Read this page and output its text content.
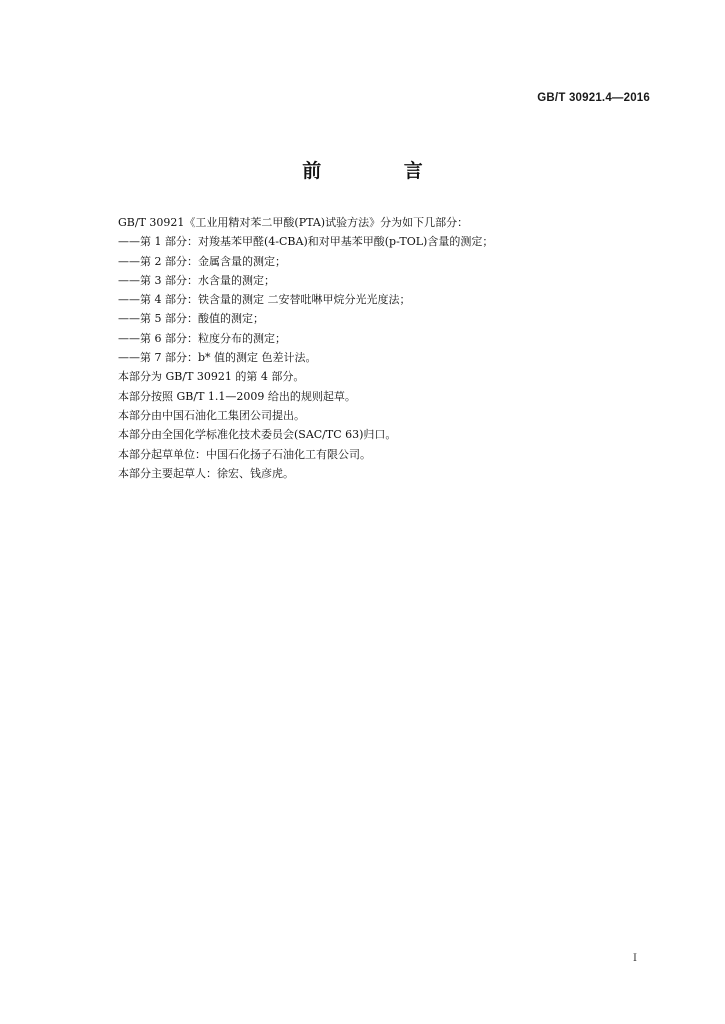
GB/T 30921.4—2016
前 言

GB/T 30921《工业用精对苯二甲酸(PTA)试验方法》分为如下几部分：

——第 1 部分：对羧基苯甲醛(4-CBA)和对甲基苯甲酸(p-TOL)含量的测定；

——第 2 部分：金属含量的测定；

——第 3 部分：水含量的测定；

——第 4 部分：铁含量的测定 二安替吡啉甲烷分光光度法；

——第 5 部分：酸值的测定；

——第 6 部分：粒度分布的测定；

——第 7 部分：b* 值的测定 色差计法。

本部分为 GB/T 30921 的第 4 部分。

本部分按照 GB/T 1.1—2009 给出的规则起草。

本部分由中国石油化工集团公司提出。

本部分由全国化学标准化技术委员会(SAC/TC 63)归口。

本部分起草单位：中国石化扬子石油化工有限公司。

本部分主要起草人：徐宏、钱彦虎。

I
